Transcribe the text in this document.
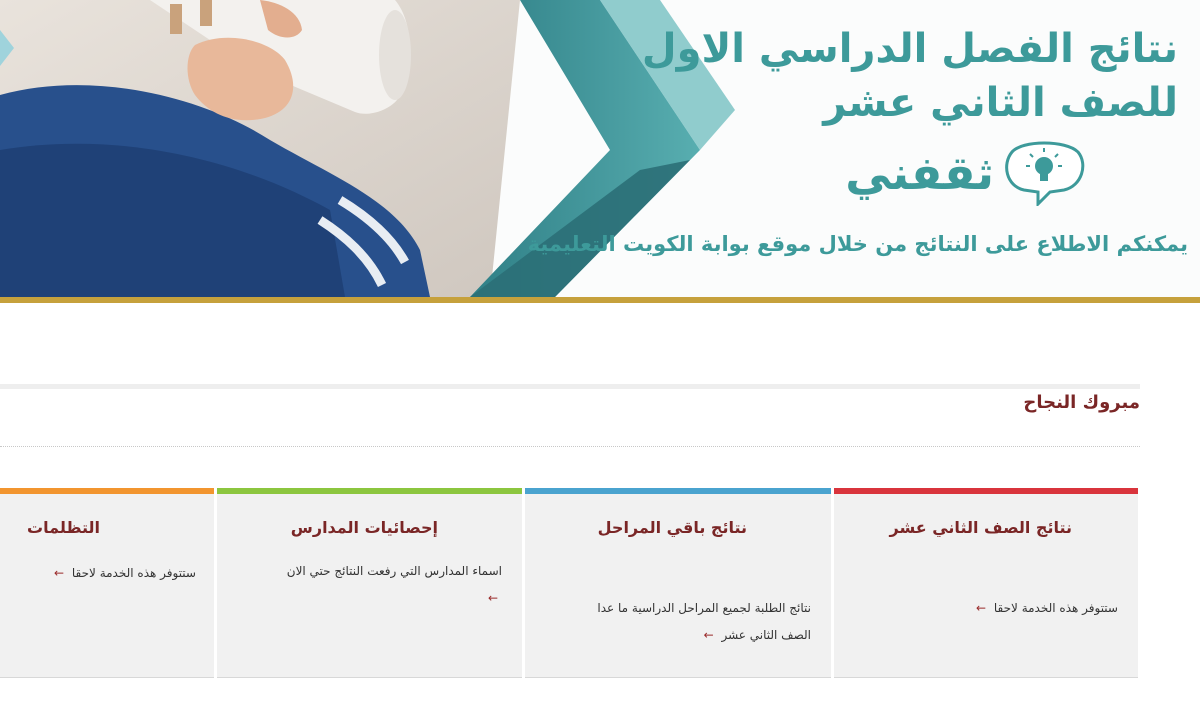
نتائج الفصل الدراسي الاول
للصف الثاني عشر
ثقفني
يمكنكم الاطلاع على النتائج من خلال موقع بوابة الكويت التعليمية
مبروك النجاح
نتائج الصف الثاني عشر
ستتوفر هذه الخدمة لاحقا ←
نتائج باقي المراحل
نتائج الطلبة لجميع المراحل الدراسية ما عدا الصف الثاني عشر ←
إحصائيات المدارس
اسماء المدارس التي رفعت النتائج حتي الان ←
التظلمات
ستتوفر هذه الخدمة لاحقا ←
